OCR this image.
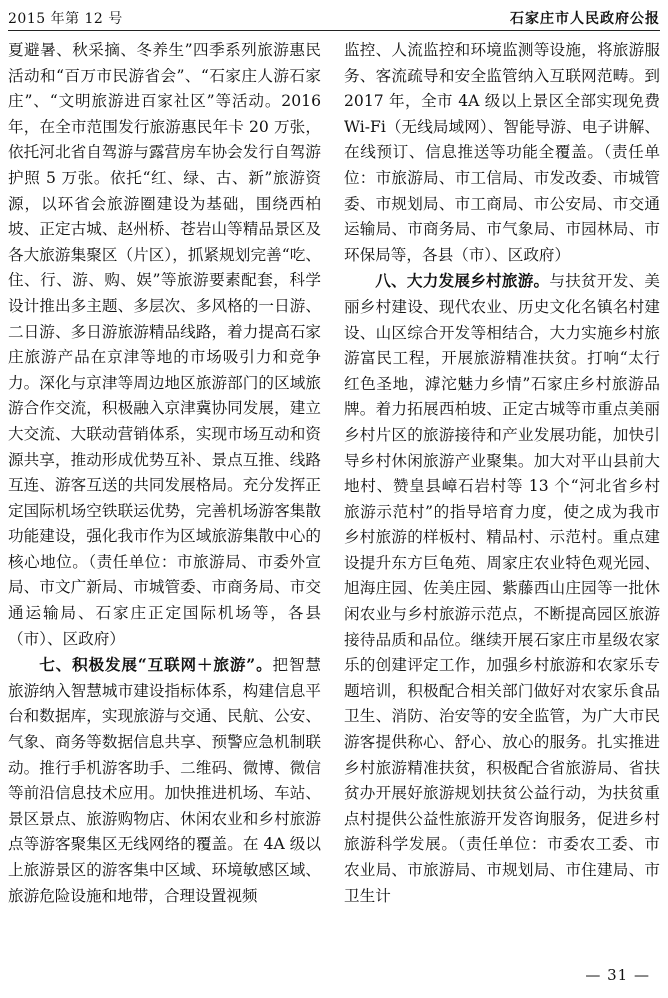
2015 年第 12 号	石家庄市人民政府公报

夏避暑、秋采摘、冬养生”四季系列旅游惠民活动和“百万市民游省会”、“石家庄人游石家庄”、“文明旅游进百家社区”等活动。2016 年，在全市范围发行旅游惠民年卡 20 万张，依托河北省自驾游与露营房车协会发行自驾游护照 5 万张。依托“红、绿、古、新”旅游资源，以环省会旅游圈建设为基础，围绕西柏坡、正定古城、赵州桥、苍岩山等精品景区及各大旅游集聚区（片区），抓紧规划完善“吃、住、行、游、购、娱”等旅游要素配套，科学设计推出多主题、多层次、多风格的一日游、二日游、多日游旅游精品线路，着力提高石家庄旅游产品在京津等地的市场吸引力和竞争力。深化与京津等周边地区旅游部门的区域旅游合作交流，积极融入京津冀协同发展，建立大交流、大联动营销体系，实现市场互动和资源共享，推动形成优势互补、景点互推、线路互连、游客互送的共同发展格局。充分发挥正定国际机场空铁联运优势，完善机场游客集散功能建设，强化我市作为区域旅游集散中心的核心地位。（责任单位：市旅游局、市委外宣局、市文广新局、市城管委、市商务局、市交通运输局、石家庄正定国际机场等，各县（市）、区政府）

七、积极发展“互联网＋旅游”。把智慧旅游纳入智慧城市建设指标体系，构建信息平台和数据库，实现旅游与交通、民航、公安、气象、商务等数据信息共享、预警应急机制联动。推行手机游客助手、二维码、微博、微信等前沿信息技术应用。加快推进机场、车站、景区景点、旅游购物店、休闲农业和乡村旅游点等游客聚集区无线网络的覆盖。在 4A 级以上旅游景区的游客集中区域、环境敏感区域、旅游危险设施和地带，合理设置视频

监控、人流监控和环境监测等设施，将旅游服务、客流疏导和安全监管纳入互联网范畴。到 2017 年，全市 4A 级以上景区全部实现免费 Wi-Fi（无线局域网）、智能导游、电子讲解、在线预订、信息推送等功能全覆盖。（责任单位：市旅游局、市工信局、市发改委、市城管委、市规划局、市工商局、市公安局、市交通运输局、市商务局、市气象局、市园林局、市环保局等，各县（市）、区政府）

八、大力发展乡村旅游。与扶贫开发、美丽乡村建设、现代农业、历史文化名镇名村建设、山区综合开发等相结合，大力实施乡村旅游富民工程，开展旅游精准扶贫。打响“太行红色圣地，滹沱魅力乡情”石家庄乡村旅游品牌。着力拓展西柏坡、正定古城等市重点美丽乡村片区的旅游接待和产业发展功能，加快引导乡村休闲旅游产业聚集。加大对平山县前大地村、赞皇县嶂石岩村等 13 个“河北省乡村旅游示范村”的指导培育力度，使之成为我市乡村旅游的样板村、精品村、示范村。重点建设提升东方巨龟苑、周家庄农业特色观光园、旭海庄园、佐美庄园、紫藤西山庄园等一批休闲农业与乡村旅游示范点，不断提高园区旅游接待品质和品位。继续开展石家庄市星级农家乐的创建评定工作，加强乡村旅游和农家乐专题培训，积极配合相关部门做好对农家乐食品卫生、消防、治安等的安全监管，为广大市民游客提供称心、舒心、放心的服务。扎实推进乡村旅游精准扶贫，积极配合省旅游局、省扶贫办开展好旅游规划扶贫公益行动，为扶贫重点村提供公益性旅游开发咨询服务，促进乡村旅游科学发展。（责任单位：市委农工委、市农业局、市旅游局、市规划局、市住建局、市卫生计

— 31 —
